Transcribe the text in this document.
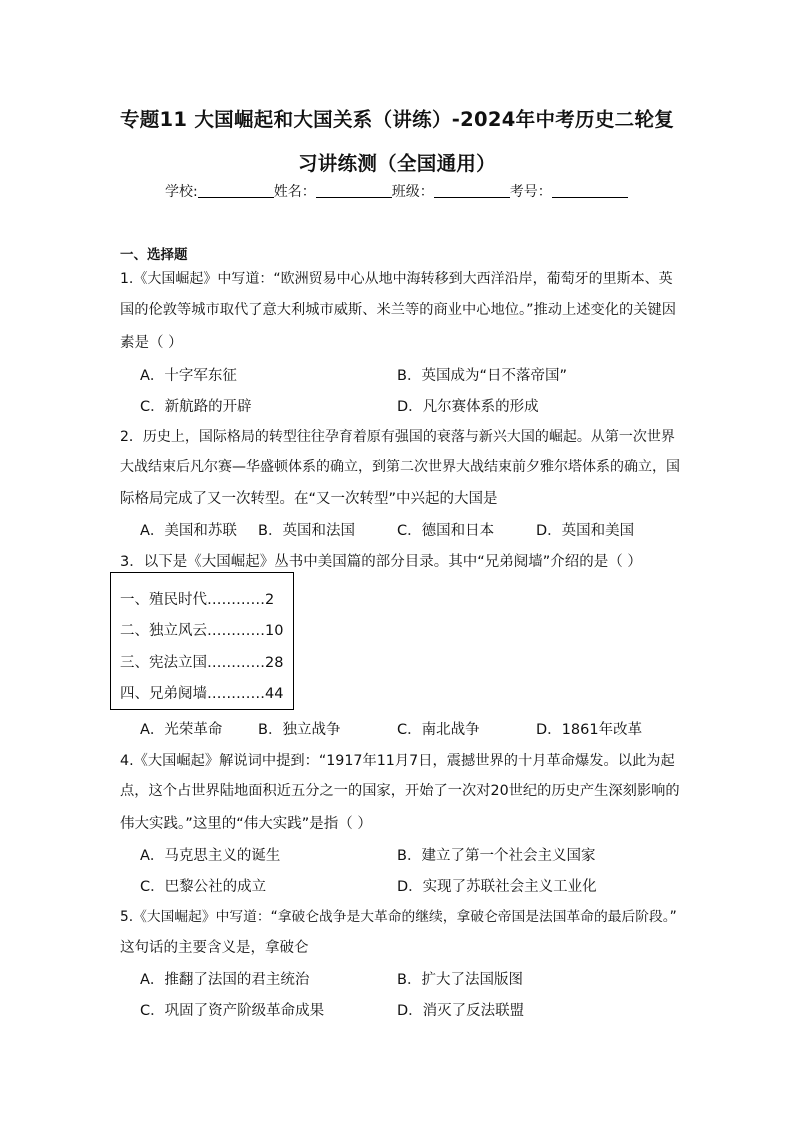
专题11 大国崛起和大国关系（讲练）-2024年中考历史二轮复
习讲练测（全国通用）
学校:	姓名：	班级：	考号：
一、选择题
1.《大国崛起》中写道：“欧洲贸易中心从地中海转移到大西洋沿岸，葡萄牙的里斯本、英
国的伦敦等城市取代了意大利城市威斯、米兰等的商业中心地位。”推动上述变化的关键因
素是（ ）
A．十字军东征	B．英国成为“日不落帝国”
C．新航路的开辟	D．凡尔赛体系的形成
2．历史上，国际格局的转型往往孕育着原有强国的衰落与新兴大国的崛起。从第一次世界
大战结束后凡尔赛—华盛顿体系的确立，到第二次世界大战结束前夕雅尔塔体系的确立，国
际格局完成了又一次转型。在“又一次转型”中兴起的大国是
A．美国和苏联 B．英国和法国	C．德国和日本	D．英国和美国
3．以下是《大国崛起》丛书中美国篇的部分目录。其中“兄弟阋墙”介绍的是（ ）
一、殖民时代…………2
二、独立风云…………10
三、宪法立国…………28
四、兄弟阋墙…………44
A．光荣革命 B．独立战争	C．南北战争	D．1861年改革
4.《大国崛起》解说词中提到：“1917年11月7日，震撼世界的十月革命爆发。以此为起
点，这个占世界陆地面积近五分之一的国家，开始了一次对20世纪的历史产生深刻影响的
伟大实践。”这里的“伟大实践”是指（ ）
A．马克思主义的诞生	B．建立了第一个社会主义国家
C．巴黎公社的成立	D．实现了苏联社会主义工业化
5.《大国崛起》中写道：“拿破仑战争是大革命的继续，拿破仑帝国是法国革命的最后阶段。”
这句话的主要含义是，拿破仑
A．推翻了法国的君主统治	B．扩大了法国版图
C．巩固了资产阶级革命成果	D．消灭了反法联盟
